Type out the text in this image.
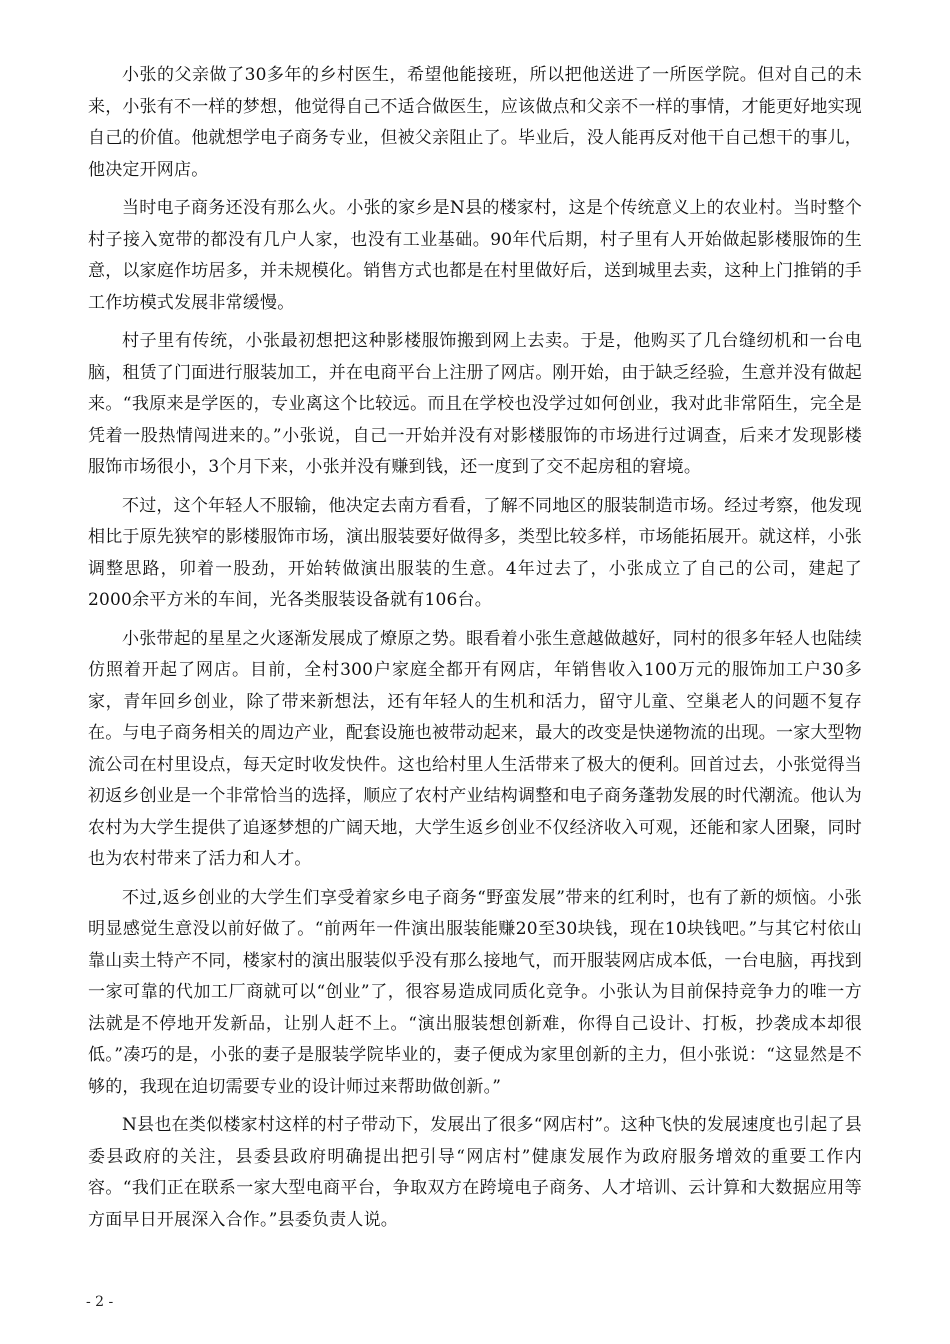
小张的父亲做了30多年的乡村医生，希望他能接班，所以把他送进了一所医学院。但对自己的未来，小张有不一样的梦想，他觉得自己不适合做医生，应该做点和父亲不一样的事情，才能更好地实现自己的价值。他就想学电子商务专业，但被父亲阻止了。毕业后，没人能再反对他干自己想干的事儿，他决定开网店。

当时电子商务还没有那么火。小张的家乡是N县的楼家村，这是个传统意义上的农业村。当时整个村子接入宽带的都没有几户人家，也没有工业基础。90年代后期，村子里有人开始做起影楼服饰的生意，以家庭作坊居多，并未规模化。销售方式也都是在村里做好后，送到城里去卖，这种上门推销的手工作坊模式发展非常缓慢。

村子里有传统，小张最初想把这种影楼服饰搬到网上去卖。于是，他购买了几台缝纫机和一台电脑，租赁了门面进行服装加工，并在电商平台上注册了网店。刚开始，由于缺乏经验，生意并没有做起来。“我原来是学医的，专业离这个比较远。而且在学校也没学过如何创业，我对此非常陌生，完全是凭着一股热情闯进来的。”小张说，自己一开始并没有对影楼服饰的市场进行过调查，后来才发现影楼服饰市场很小，3个月下来，小张并没有赚到钱，还一度到了交不起房租的窘境。

不过，这个年轻人不服输，他决定去南方看看，了解不同地区的服装制造市场。经过考察，他发现相比于原先狭窄的影楼服饰市场，演出服装要好做得多，类型比较多样，市场能拓展开。就这样，小张调整思路，卯着一股劲，开始转做演出服装的生意。4年过去了，小张成立了自己的公司，建起了2000余平方米的车间，光各类服装设备就有106台。

小张带起的星星之火逐渐发展成了燎原之势。眼看着小张生意越做越好，同村的很多年轻人也陆续仿照着开起了网店。目前，全村300户家庭全都开有网店，年销售收入100万元的服饰加工户30多家，青年回乡创业，除了带来新想法，还有年轻人的生机和活力，留守儿童、空巢老人的问题不复存在。与电子商务相关的周边产业，配套设施也被带动起来，最大的改变是快递物流的出现。一家大型物流公司在村里设点，每天定时收发快件。这也给村里人生活带来了极大的便利。回首过去，小张觉得当初返乡创业是一个非常恰当的选择，顺应了农村产业结构调整和电子商务蓬勃发展的时代潮流。他认为农村为大学生提供了追逐梦想的广阔天地，大学生返乡创业不仅经济收入可观，还能和家人团聚，同时也为农村带来了活力和人才。

不过,返乡创业的大学生们享受着家乡电子商务“野蛮发展”带来的红利时，也有了新的烦恼。小张明显感觉生意没以前好做了。“前两年一件演出服装能赚20至30块钱，现在10块钱吧。”与其它村依山靠山卖土特产不同，楼家村的演出服装似乎没有那么接地气，而开服装网店成本低，一台电脑，再找到一家可靠的代加工厂商就可以“创业”了，很容易造成同质化竞争。小张认为目前保持竞争力的唯一方法就是不停地开发新品，让别人赶不上。“演出服装想创新难，你得自己设计、打板，抄袭成本却很低。”凑巧的是，小张的妻子是服装学院毕业的，妻子便成为家里创新的主力，但小张说：“这显然是不够的，我现在迫切需要专业的设计师过来帮助做创新。”

N县也在类似楼家村这样的村子带动下，发展出了很多“网店村”。这种飞快的发展速度也引起了县委县政府的关注，县委县政府明确提出把引导“网店村”健康发展作为政府服务增效的重要工作内容。“我们正在联系一家大型电商平台，争取双方在跨境电子商务、人才培训、云计算和大数据应用等方面早日开展深入合作。”县委负责人说。

- 2 -
